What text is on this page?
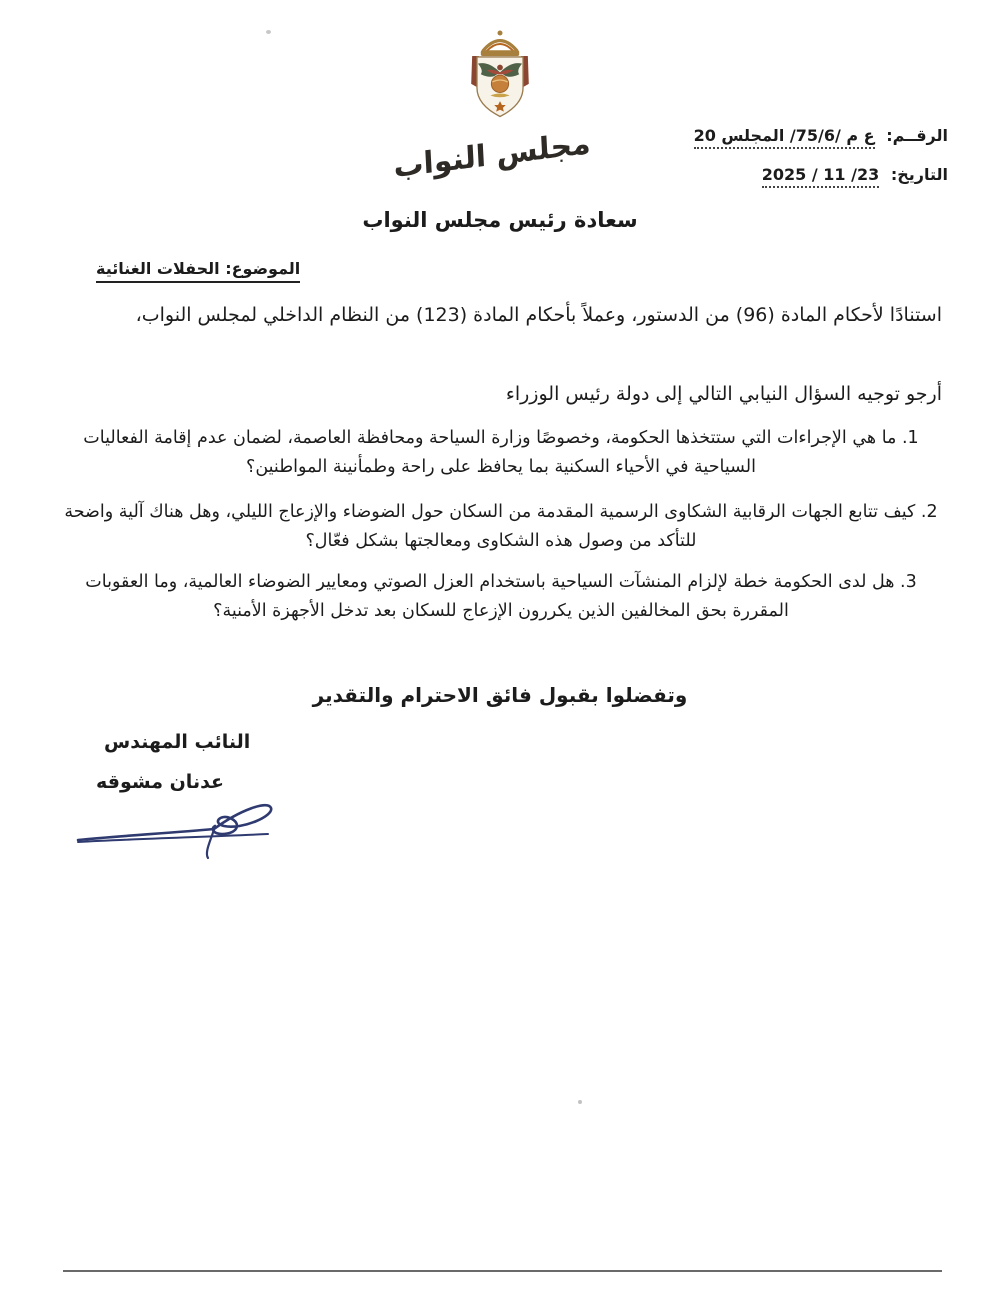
مجلس النواب	الرقــم: ع م /75/6/ المجلس 20
التاريخ: 23/ 11 / 2025
سعادة رئيس مجلس النواب
الموضوع: الحفلات الغنائية
استنادًا لأحكام المادة (96) من الدستور، وعملاً بأحكام المادة (123) من النظام الداخلي لمجلس النواب،
أرجو توجيه السؤال النيابي التالي إلى دولة رئيس الوزراء
1. ما هي الإجراءات التي ستتخذها الحكومة، وخصوصًا وزارة السياحة ومحافظة العاصمة، لضمان عدم إقامة الفعاليات السياحية في الأحياء السكنية بما يحافظ على راحة وطمأنينة المواطنين؟
2. كيف تتابع الجهات الرقابية الشكاوى الرسمية المقدمة من السكان حول الضوضاء والإزعاج الليلي، وهل هناك آلية واضحة للتأكد من وصول هذه الشكاوى ومعالجتها بشكل فعّال؟
3. هل لدى الحكومة خطة لإلزام المنشآت السياحية باستخدام العزل الصوتي ومعايير الضوضاء العالمية، وما العقوبات المقررة بحق المخالفين الذين يكررون الإزعاج للسكان بعد تدخل الأجهزة الأمنية؟
وتفضلوا بقبول فائق الاحترام والتقدير
النائب المهندس
عدنان مشوقه
